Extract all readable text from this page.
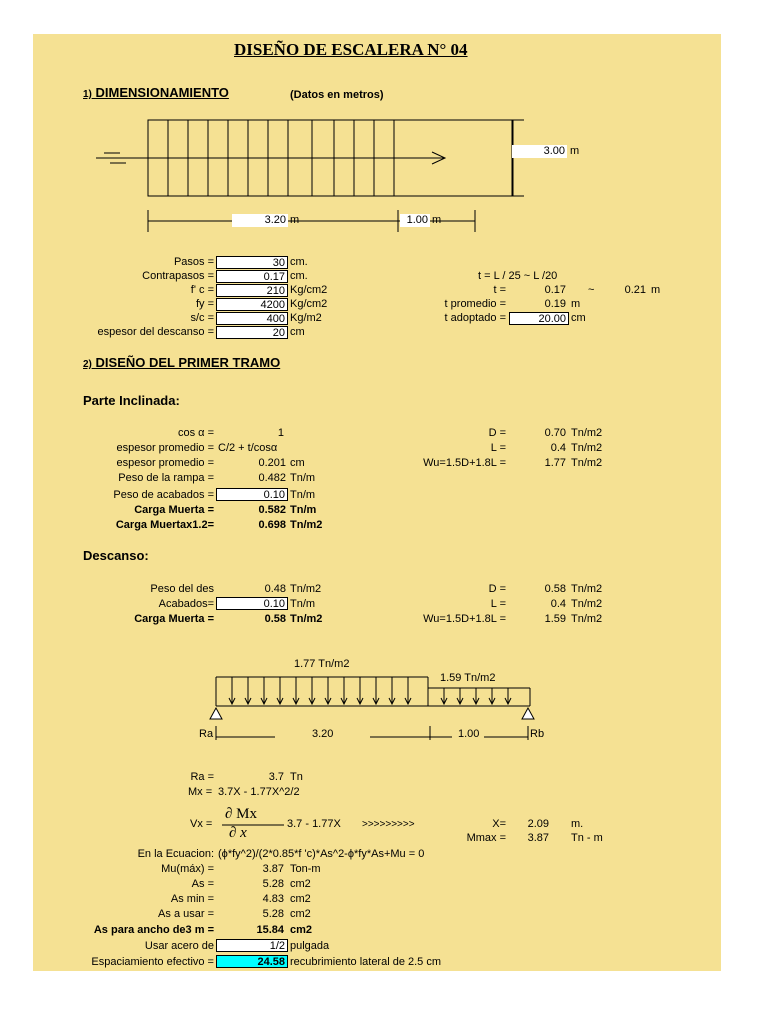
DISEÑO DE ESCALERA N° 04
1) DIMENSIONAMIENTO	(Datos en metros)
3.00 m
3.20 m	1.00 m
Pasos =	30 cm.
Contrapasos =	0.17 cm.
f' c =	210 Kg/cm2
fy =	4200 Kg/cm2
s/c =	400 Kg/m2
espesor del descanso =	20 cm
t = L / 25 ~ L /20
t =	0.17 ~	0.21 m
t promedio =	0.19 m
t adoptado =	20.00 cm
2) DISEÑO DEL PRIMER TRAMO
Parte Inclinada:
cos α =	1
espesor promedio = C/2 + t/cosα
espesor promedio =	0.201 cm
Peso de la rampa =	0.482 Tn/m
Peso de acabados =	0.10 Tn/m
Carga Muerta =	0.582 Tn/m
Carga Muertax1.2=	0.698 Tn/m2
D =	0.70 Tn/m2
L =	0.4 Tn/m2
Wu=1.5D+1.8L =	1.77 Tn/m2
Descanso:
Peso del des	0.48 Tn/m2
Acabados=	0.10 Tn/m
Carga Muerta =	0.58 Tn/m2
D =	0.58 Tn/m2
L =	0.4 Tn/m2
Wu=1.5D+1.8L =	1.59 Tn/m2
1.77 Tn/m2
1.59 Tn/m2
Ra	3.20	1.00	Rb
Ra =	3.7 Tn
Mx = 3.7X - 1.77X^2/2
Vx =
∂ Mx
∂ x
3.7 - 1.77X >>>>>>>>>	X=	2.09 m.
Mmax =	3.87 Tn - m
En la Ecuacion: (ϕ*fy^2)/(2*0.85*f 'c)*As^2-ϕ*fy*As+Mu = 0
Mu(máx) =	3.87 Ton-m
As =	5.28 cm2
As min =	4.83 cm2
As a usar =	5.28 cm2
As para ancho de3 m =	15.84 cm2
Usar acero de	1/2 pulgada
Espaciamiento efectivo =	24.58 recubrimiento lateral de 2.5 cm
